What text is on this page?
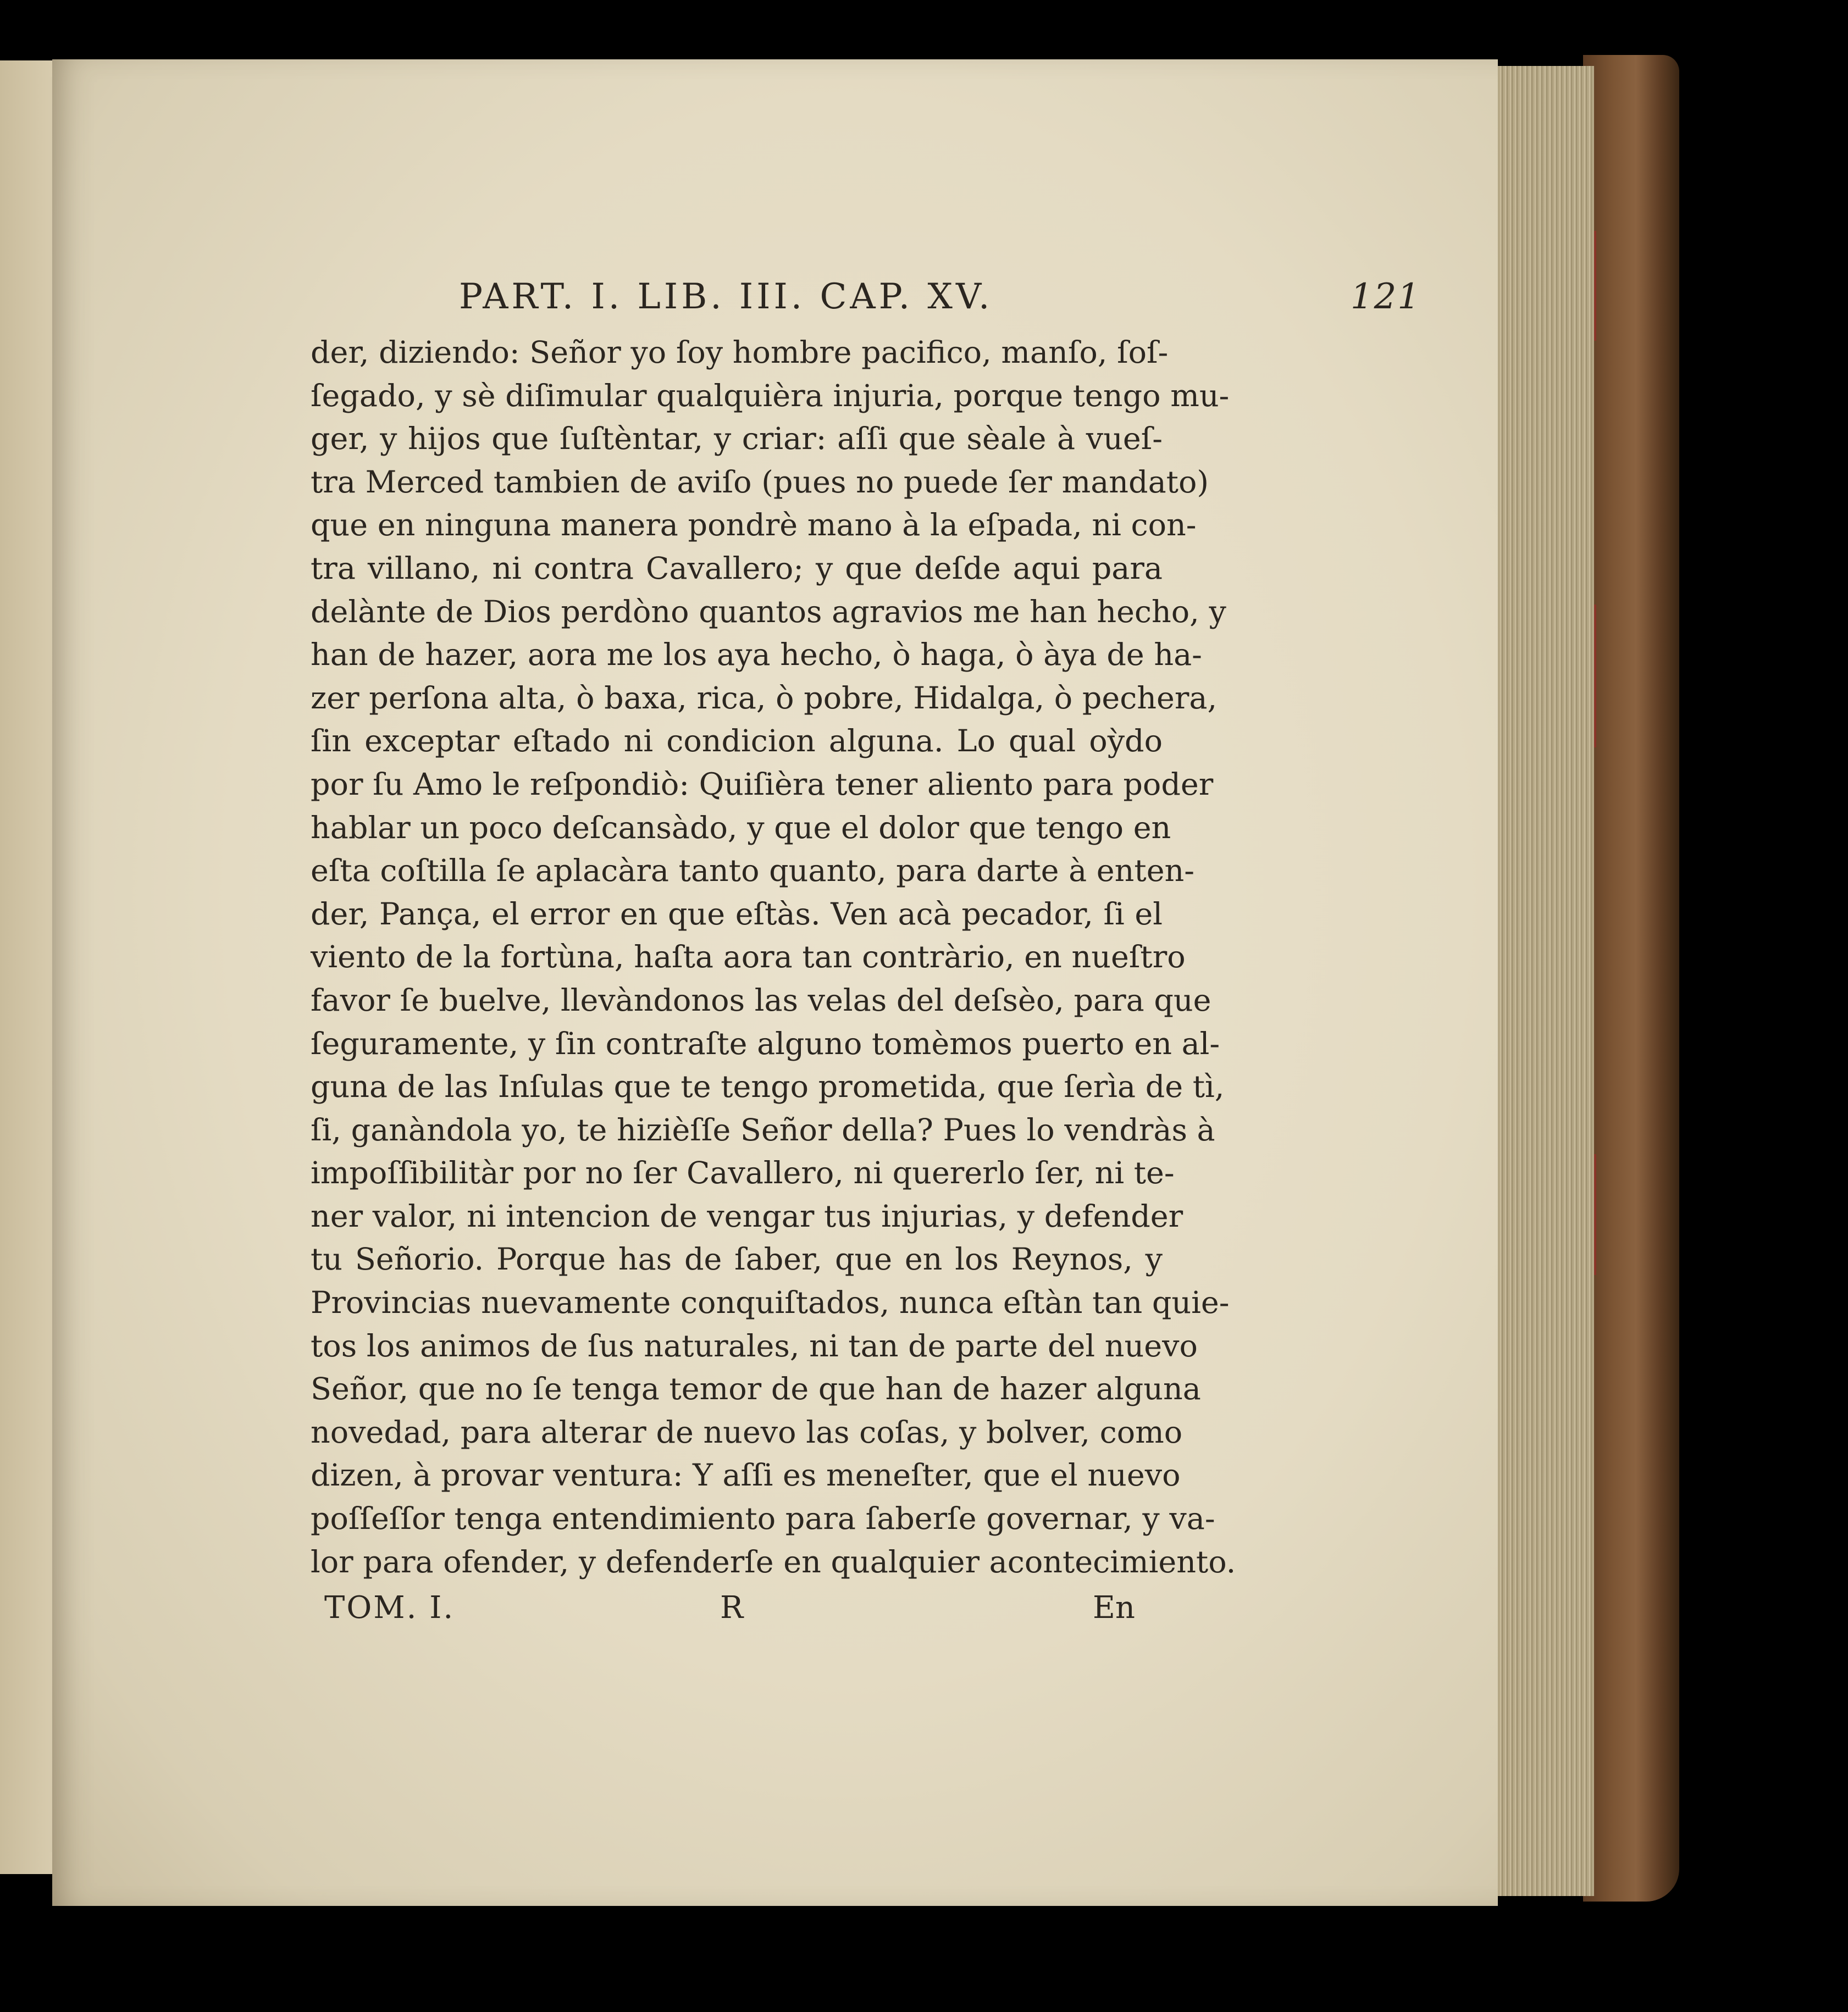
PART. I. LIB. III. CAP. XV.	121
der, diziendo: Señor yo ſoy hombre pacifico, manſo, ſoſ-
ſegado, y sè diſimular qualquièra injuria, porque tengo mu-
ger, y hijos que ſuſtèntar, y criar: aſſi que sèale à vueſ-
tra Merced tambien de aviſo (pues no puede ſer mandato)
que en ninguna manera pondrè mano à la eſpada, ni con-
tra villano, ni contra Cavallero; y que deſde aqui para
delànte de Dios perdòno quantos agravios me han hecho, y
han de hazer, aora me los aya hecho, ò haga, ò àya de ha-
zer perſona alta, ò baxa, rica, ò pobre, Hidalga, ò pechera,
ſin exceptar eſtado ni condicion alguna. Lo qual oỳdo
por ſu Amo le reſpondiò: Quiſièra tener aliento para poder
hablar un poco deſcansàdo, y que el dolor que tengo en
eſta coſtilla ſe aplacàra tanto quanto, para darte à enten-
der, Pança, el error en que eſtàs. Ven acà pecador, ſi el
viento de la fortùna, haſta aora tan contràrio, en nueſtro
favor ſe buelve, llevàndonos las velas del deſsèo, para que
ſeguramente, y ſin contraſte alguno tomèmos puerto en al-
guna de las Inſulas que te tengo prometida, que ſerìa de tì,
ſi, ganàndola yo, te hizièſſe Señor della? Pues lo vendràs à
impoſſibilitàr por no ſer Cavallero, ni quererlo ſer, ni te-
ner valor, ni intencion de vengar tus injurias, y defender
tu Señorio. Porque has de ſaber, que en los Reynos, y
Provincias nuevamente conquiſtados, nunca eſtàn tan quie-
tos los animos de ſus naturales, ni tan de parte del nuevo
Señor, que no ſe tenga temor de que han de hazer alguna
novedad, para alterar de nuevo las coſas, y bolver, como
dizen, à provar ventura: Y aſſi es meneſter, que el nuevo
poſſeſſor tenga entendimiento para ſaberſe governar, y va-
lor para ofender, y defenderſe en qualquier acontecimiento.
TOM. I.	R	En
